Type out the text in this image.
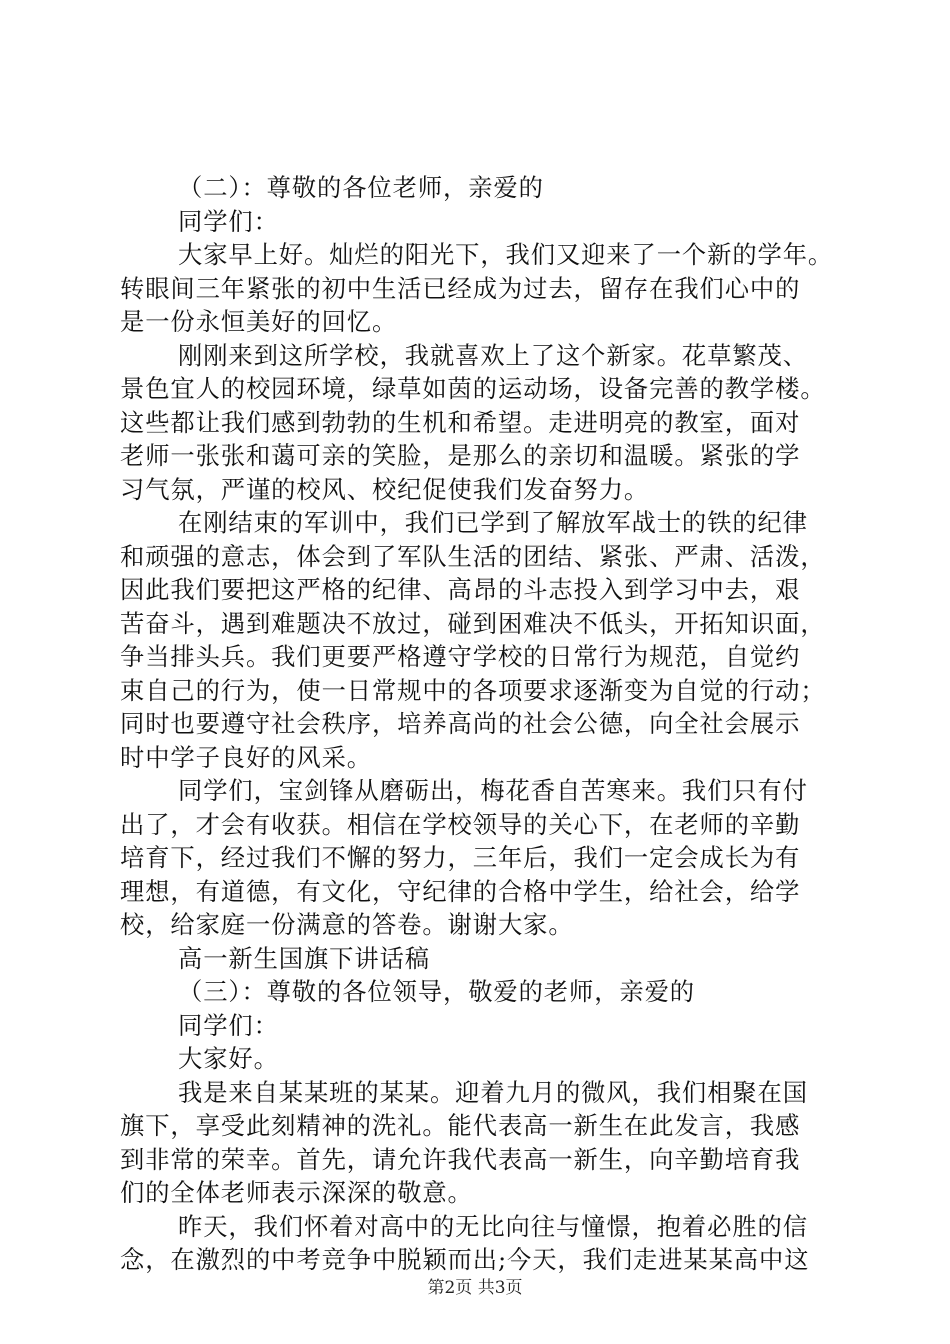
（二）：尊敬的各位老师，亲爱的
同学们：
大家早上好。灿烂的阳光下，我们又迎来了一个新的学年。
转眼间三年紧张的初中生活已经成为过去，留存在我们心中的
是一份永恒美好的回忆。
刚刚来到这所学校，我就喜欢上了这个新家。花草繁茂、
景色宜人的校园环境，绿草如茵的运动场，设备完善的教学楼。
这些都让我们感到勃勃的生机和希望。走进明亮的教室，面对
老师一张张和蔼可亲的笑脸，是那么的亲切和温暖。紧张的学
习气氛，严谨的校风、校纪促使我们发奋努力。
在刚结束的军训中，我们已学到了解放军战士的铁的纪律
和顽强的意志，体会到了军队生活的团结、紧张、严肃、活泼，
因此我们要把这严格的纪律、高昂的斗志投入到学习中去，艰
苦奋斗，遇到难题决不放过，碰到困难决不低头，开拓知识面，
争当排头兵。我们更要严格遵守学校的日常行为规范，自觉约
束自己的行为，使一日常规中的各项要求逐渐变为自觉的行动；
同时也要遵守社会秩序，培养高尚的社会公德，向全社会展示
时中学子良好的风采。
同学们，宝剑锋从磨砺出，梅花香自苦寒来。我们只有付
出了，才会有收获。相信在学校领导的关心下，在老师的辛勤
培育下，经过我们不懈的努力，三年后，我们一定会成长为有
理想，有道德，有文化，守纪律的合格中学生，给社会，给学
校，给家庭一份满意的答卷。谢谢大家。
高一新生国旗下讲话稿
（三）：尊敬的各位领导，敬爱的老师，亲爱的
同学们：
大家好。
我是来自某某班的某某。迎着九月的微风，我们相聚在国
旗下，享受此刻精神的洗礼。能代表高一新生在此发言，我感
到非常的荣幸。首先，请允许我代表高一新生，向辛勤培育我
们的全体老师表示深深的敬意。
昨天，我们怀着对高中的无比向往与憧憬，抱着必胜的信
念，在激烈的中考竞争中脱颖而出;今天，我们走进某某高中这
第2页 共3页
